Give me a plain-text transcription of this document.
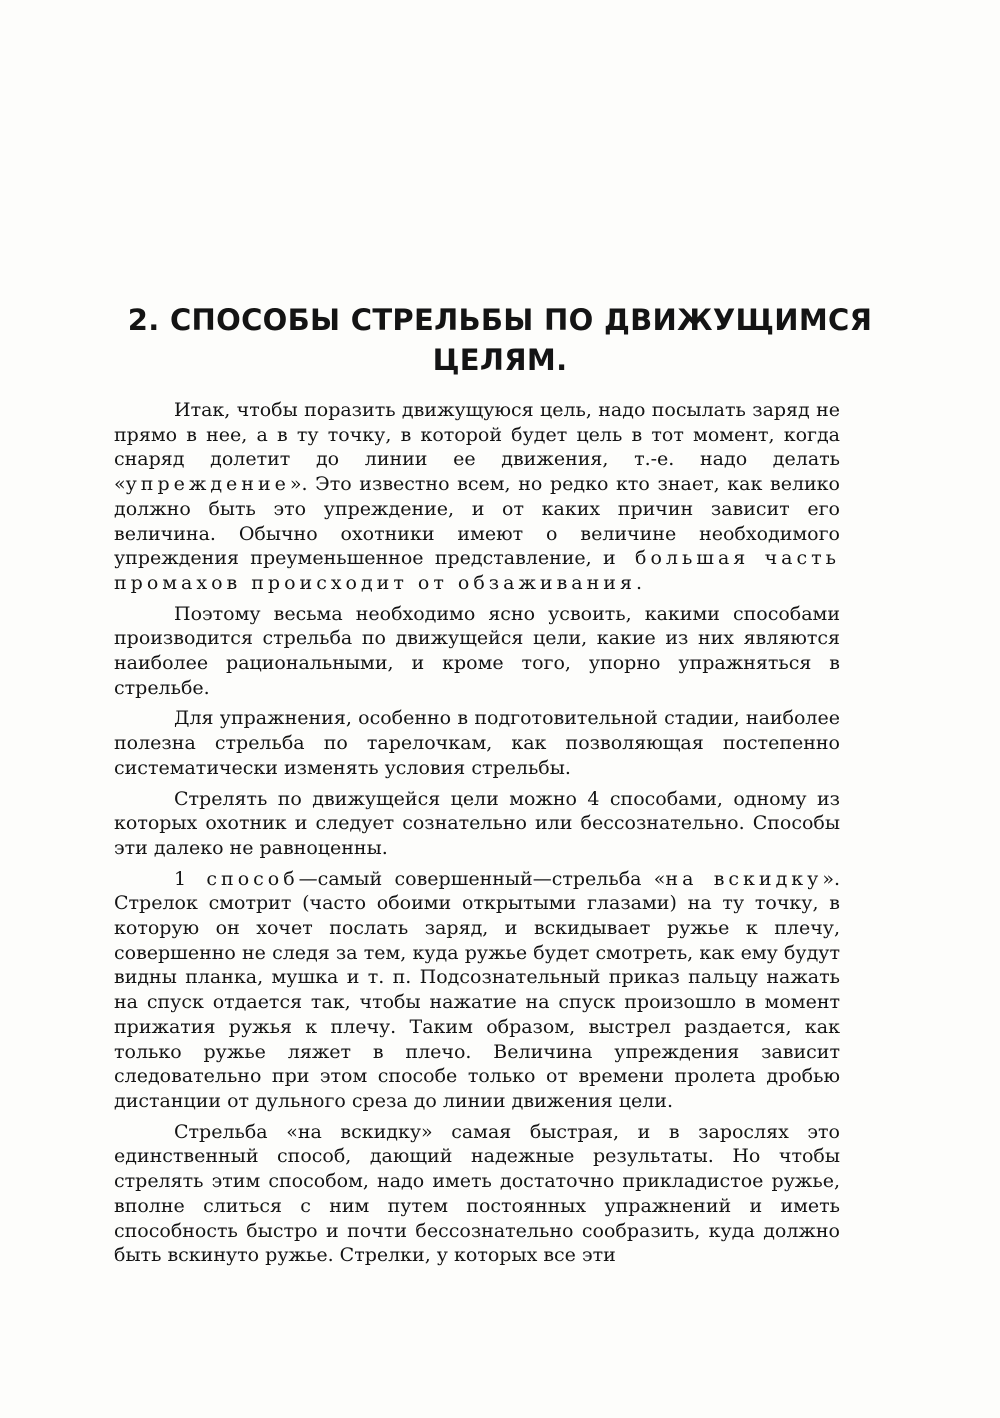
2. СПОСОБЫ СТРЕЛЬБЫ ПО ДВИЖУЩИМСЯ
ЦЕЛЯМ.

Итак, чтобы поразить движущуюся цель, надо посылать заряд не прямо в нее, а в ту точку, в которой будет цель в тот момент, когда снаряд долетит до линии ее движения, т.-е. надо делать «упреждение». Это известно всем, но редко кто знает, как велико должно быть это упреждение, и от каких причин зависит его величина. Обычно охотники имеют о величине необходимого упреждения преуменьшенное представление, и большая часть промахов происходит от обзаживания.

Поэтому весьма необходимо ясно усвоить, какими способами производится стрельба по движущейся цели, какие из них являются наиболее рациональными, и кроме того, упорно упражняться в стрельбе.

Для упражнения, особенно в подготовительной стадии, наиболее полезна стрельба по тарелочкам, как позволяющая постепенно систематически изменять условия стрельбы.

Стрелять по движущейся цели можно 4 способами, одному из которых охотник и следует сознательно или бессознательно. Способы эти далеко не равноценны.

1 способ—самый совершенный—стрельба «на вскидку». Стрелок смотрит (часто обоими открытыми глазами) на ту точку, в которую он хочет послать заряд, и вскидывает ружье к плечу, совершенно не следя за тем, куда ружье будет смотреть, как ему будут видны планка, мушка и т. п. Подсознательный приказ пальцу нажать на спуск отдается так, чтобы нажатие на спуск произошло в момент прижатия ружья к плечу. Таким образом, выстрел раздается, как только ружье ляжет в плечо. Величина упреждения зависит следовательно при этом способе только от времени пролета дробью дистанции от дульного среза до линии движения цели.

Стрельба «на вскидку» самая быстрая, и в зарослях это единственный способ, дающий надежные результаты. Но чтобы стрелять этим способом, надо иметь достаточно прикладистое ружье, вполне слиться с ним путем постоянных упражнений и иметь способность быстро и почти бессознательно сообразить, куда должно быть вскинуто ружье. Стрелки, у которых все эти
